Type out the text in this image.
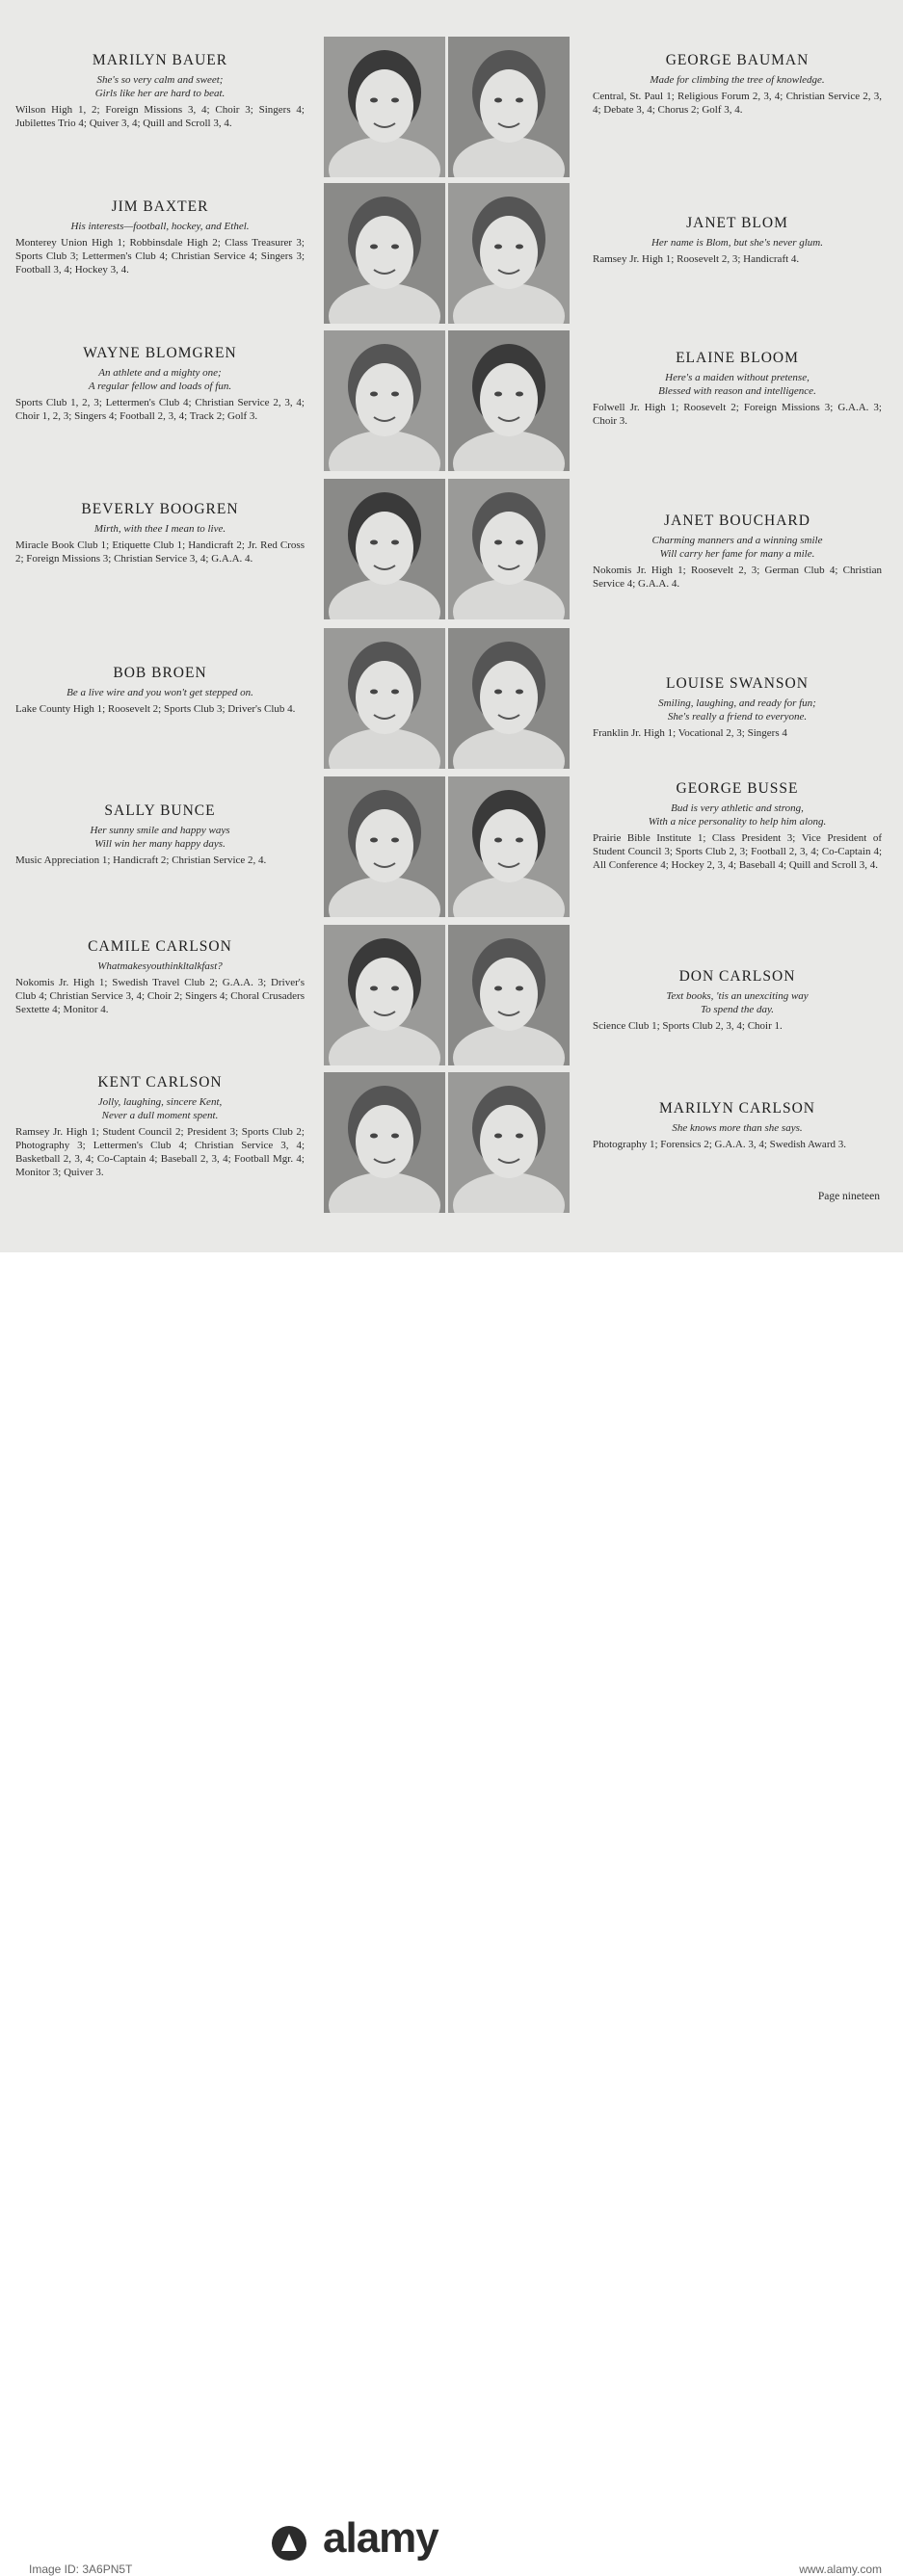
MARILYN BAUER
She's so very calm and sweet;
Girls like her are hard to beat.

Wilson High 1, 2; Foreign Missions 3, 4; Choir 3; Singers 4; Jubilettes Trio 4; Quiver 3, 4; Quill and Scroll 3, 4.

JIM BAXTER
His interests—football, hockey, and Ethel.

Monterey Union High 1; Robbinsdale High 2; Class Treasurer 3; Sports Club 3; Lettermen's Club 4; Christian Service 4; Singers 3; Football 3, 4; Hockey 3, 4.

WAYNE BLOMGREN
An athlete and a mighty one;
A regular fellow and loads of fun.

Sports Club 1, 2, 3; Lettermen's Club 4; Christian Service 2, 3, 4; Choir 1, 2, 3; Singers 4; Football 2, 3, 4; Track 2; Golf 3.

BEVERLY BOOGREN
Mirth, with thee I mean to live.

Miracle Book Club 1; Etiquette Club 1; Handicraft 2; Jr. Red Cross 2; Foreign Missions 3; Christian Service 3, 4; G.A.A. 4.

BOB BROEN
Be a live wire and you won't get stepped on.

Lake County High 1; Roosevelt 2; Sports Club 3; Driver's Club 4.

SALLY BUNCE
Her sunny smile and happy ways
Will win her many happy days.

Music Appreciation 1; Handicraft 2; Christian Service 2, 4.

CAMILE CARLSON
Whatmakesyouthinkltalkfast?

Nokomis Jr. High 1; Swedish Travel Club 2; G.A.A. 3; Driver's Club 4; Christian Service 3, 4; Choir 2; Singers 4; Choral Crusaders Sextette 4; Monitor 4.

KENT CARLSON
Jolly, laughing, sincere Kent,
Never a dull moment spent.

Ramsey Jr. High 1; Student Council 2; President 3; Sports Club 2; Photography 3; Lettermen's Club 4; Christian Service 3, 4; Basketball 2, 3, 4; Co-Captain 4; Baseball 2, 3, 4; Football Mgr. 4; Monitor 3; Quiver 3.

GEORGE BAUMAN
Made for climbing the tree of knowledge.

Central, St. Paul 1; Religious Forum 2, 3, 4; Christian Service 2, 3, 4; Debate 3, 4; Chorus 2; Golf 3, 4.

JANET BLOM
Her name is Blom, but she's never glum.

Ramsey Jr. High 1; Roosevelt 2, 3; Handicraft 4.

ELAINE BLOOM
Here's a maiden without pretense,
Blessed with reason and intelligence.

Folwell Jr. High 1; Roosevelt 2; Foreign Missions 3; G.A.A. 3; Choir 3.

JANET BOUCHARD
Charming manners and a winning smile
Will carry her fame for many a mile.

Nokomis Jr. High 1; Roosevelt 2, 3; German Club 4; Christian Service 4; G.A.A. 4.

LOUISE SWANSON
Smiling, laughing, and ready for fun;
She's really a friend to everyone.

Franklin Jr. High 1; Vocational 2, 3; Singers 4

GEORGE BUSSE
Bud is very athletic and strong,
With a nice personality to help him along.

Prairie Bible Institute 1; Class President 3; Vice President of Student Council 3; Sports Club 2, 3; Football 2, 3, 4; Co-Captain 4; All Conference 4; Hockey 2, 3, 4; Baseball 4; Quill and Scroll 3, 4.

DON CARLSON
Text books, 'tis an unexciting way
To spend the day.

Science Club 1; Sports Club 2, 3, 4; Choir 1.

MARILYN CARLSON
She knows more than she says.

Photography 1; Forensics 2; G.A.A. 3, 4; Swedish Award 3.

Page nineteen
alamy
Image ID: 3A6PN5T	www.alamy.com
